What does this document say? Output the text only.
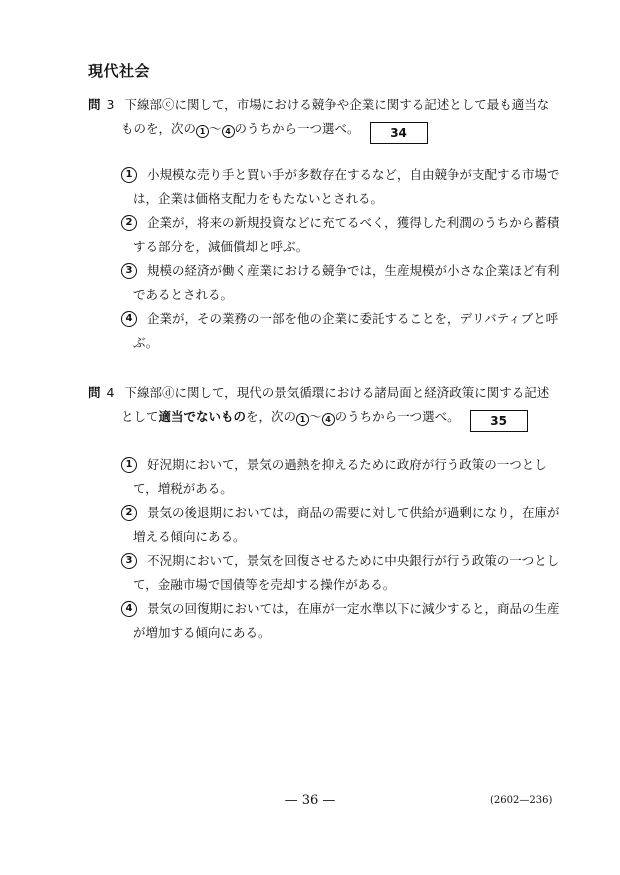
現代社会
問 3 下線部ⓒに関して，市場における競争や企業に関する記述として最も適当な
ものを，次の 1 〜 4 のうちから一つ選べ。	34
1	小規模な売り手と買い手が多数存在するなど，自由競争が支配する市場で
は，企業は価格支配力をもたないとされる。
2	企業が，将来の新規投資などに充てるべく，獲得した利潤のうちから蓄積
する部分を，減価償却と呼ぶ。
3	規模の経済が働く産業における競争では，生産規模が小さな企業ほど有利
であるとされる。
4	企業が，その業務の一部を他の企業に委託することを，デリバティブと呼
ぶ。
問 4 下線部ⓓに関して，現代の景気循環における諸局面と経済政策に関する記述
として適当でないものを，次の 1 〜 4 のうちから一つ選べ。	35
1	好況期において，景気の過熱を抑えるために政府が行う政策の一つとし
て，増税がある。
2	景気の後退期においては，商品の需要に対して供給が過剰になり，在庫が
増える傾向にある。
3	不況期において，景気を回復させるために中央銀行が行う政策の一つとし
て，金融市場で国債等を売却する操作がある。
4	景気の回復期においては，在庫が一定水準以下に減少すると，商品の生産
が増加する傾向にある。
— 36 —	(2602—236)
